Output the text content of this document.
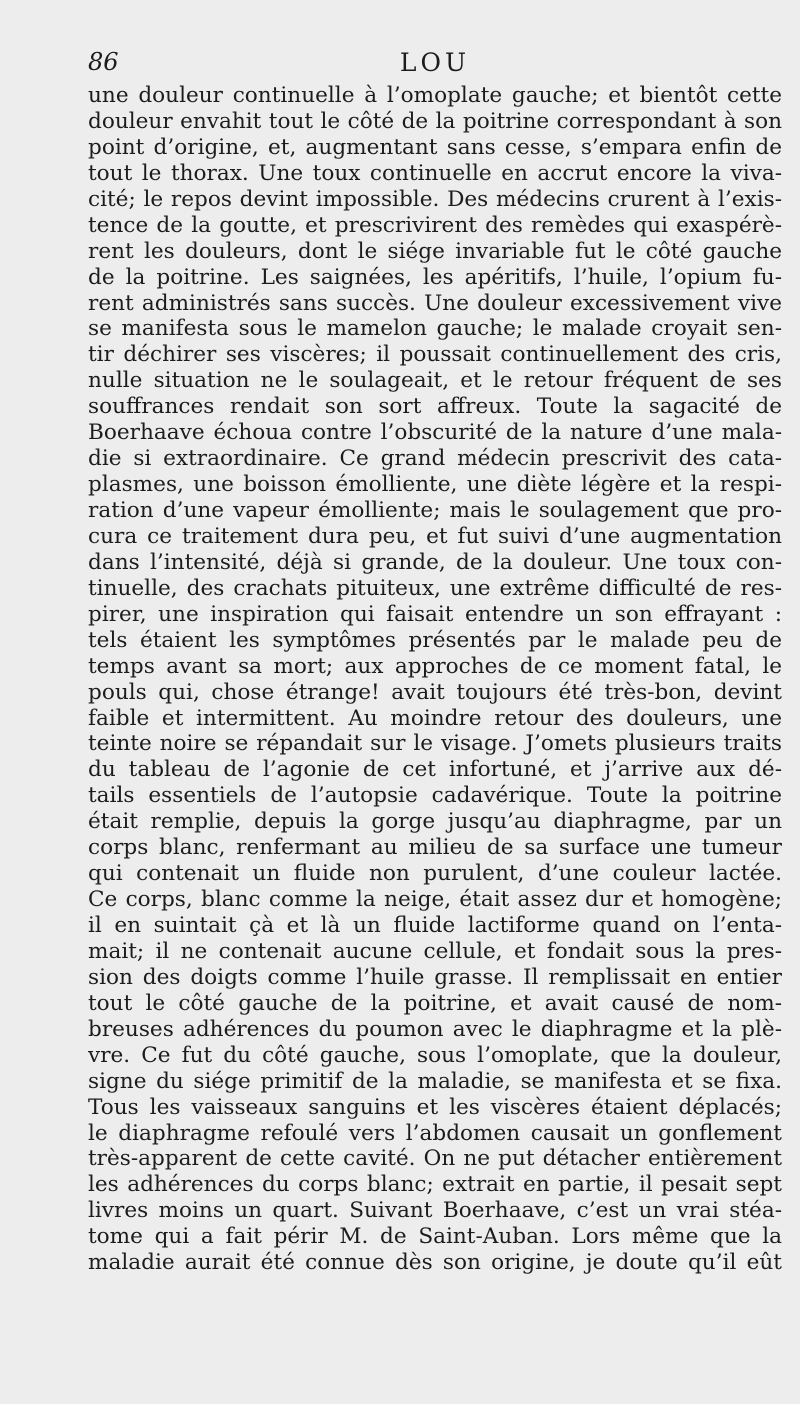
86	LOU
une douleur continuelle à l’omoplate gauche; et bientôt cette
douleur envahit tout le côté de la poitrine correspondant à son
point d’origine, et, augmentant sans cesse, s’empara enfin de
tout le thorax. Une toux continuelle en accrut encore la viva-
cité; le repos devint impossible. Des médecins crurent à l’exis-
tence de la goutte, et prescrivirent des remèdes qui exaspérè-
rent les douleurs, dont le siége invariable fut le côté gauche
de la poitrine. Les saignées, les apéritifs, l’huile, l’opium fu-
rent administrés sans succès. Une douleur excessivement vive
se manifesta sous le mamelon gauche; le malade croyait sen-
tir déchirer ses viscères; il poussait continuellement des cris,
nulle situation ne le soulageait, et le retour fréquent de ses
souffrances rendait son sort affreux. Toute la sagacité de
Boerhaave échoua contre l’obscurité de la nature d’une mala-
die si extraordinaire. Ce grand médecin prescrivit des cata-
plasmes, une boisson émolliente, une diète légère et la respi-
ration d’une vapeur émolliente; mais le soulagement que pro-
cura ce traitement dura peu, et fut suivi d’une augmentation
dans l’intensité, déjà si grande, de la douleur. Une toux con-
tinuelle, des crachats pituiteux, une extrême difficulté de res-
pirer, une inspiration qui faisait entendre un son effrayant :
tels étaient les symptômes présentés par le malade peu de
temps avant sa mort; aux approches de ce moment fatal, le
pouls qui, chose étrange! avait toujours été très-bon, devint
faible et intermittent. Au moindre retour des douleurs, une
teinte noire se répandait sur le visage. J’omets plusieurs traits
du tableau de l’agonie de cet infortuné, et j’arrive aux dé-
tails essentiels de l’autopsie cadavérique. Toute la poitrine
était remplie, depuis la gorge jusqu’au diaphragme, par un
corps blanc, renfermant au milieu de sa surface une tumeur
qui contenait un fluide non purulent, d’une couleur lactée.
Ce corps, blanc comme la neige, était assez dur et homogène;
il en suintait çà et là un fluide lactiforme quand on l’enta-
mait; il ne contenait aucune cellule, et fondait sous la pres-
sion des doigts comme l’huile grasse. Il remplissait en entier
tout le côté gauche de la poitrine, et avait causé de nom-
breuses adhérences du poumon avec le diaphragme et la plè-
vre. Ce fut du côté gauche, sous l’omoplate, que la douleur,
signe du siége primitif de la maladie, se manifesta et se fixa.
Tous les vaisseaux sanguins et les viscères étaient déplacés;
le diaphragme refoulé vers l’abdomen causait un gonflement
très-apparent de cette cavité. On ne put détacher entièrement
les adhérences du corps blanc; extrait en partie, il pesait sept
livres moins un quart. Suivant Boerhaave, c’est un vrai stéa-
tome qui a fait périr M. de Saint-Auban. Lors même que la
maladie aurait été connue dès son origine, je doute qu’il eût
